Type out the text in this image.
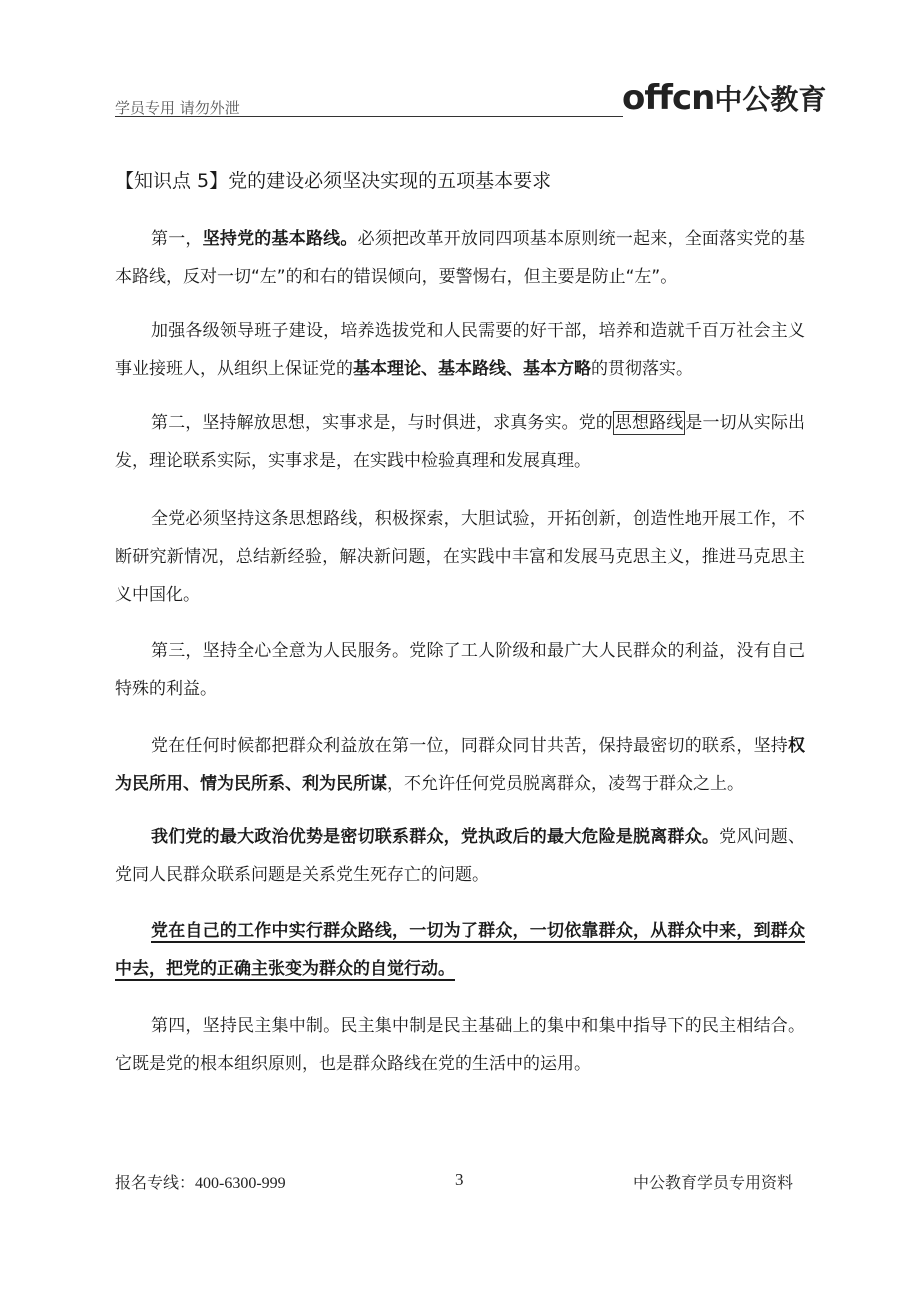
学员专用 请勿外泄	offcn中公教育
【知识点 5】党的建设必须坚决实现的五项基本要求
第一，坚持党的基本路线。必须把改革开放同四项基本原则统一起来，全面落实党的基本路线，反对一切“左”的和右的错误倾向，要警惕右，但主要是防止“左”。
加强各级领导班子建设，培养选拔党和人民需要的好干部，培养和造就千百万社会主义事业接班人，从组织上保证党的基本理论、基本路线、基本方略的贯彻落实。
第二，坚持解放思想，实事求是，与时俱进，求真务实。党的 思想路线 是一切从实际出发，理论联系实际，实事求是，在实践中检验真理和发展真理。
全党必须坚持这条思想路线，积极探索，大胆试验，开拓创新，创造性地开展工作，不断研究新情况，总结新经验，解决新问题，在实践中丰富和发展马克思主义，推进马克思主义中国化。
第三，坚持全心全意为人民服务。党除了工人阶级和最广大人民群众的利益，没有自己特殊的利益。
党在任何时候都把群众利益放在第一位，同群众同甘共苦，保持最密切的联系，坚持权为民所用、情为民所系、利为民所谋，不允许任何党员脱离群众，凌驾于群众之上。
我们党的最大政治优势是密切联系群众，党执政后的最大危险是脱离群众。党风问题、党同人民群众联系问题是关系党生死存亡的问题。
党在自己的工作中实行群众路线，一切为了群众，一切依靠群众，从群众中来，到群众中去，把党的正确主张变为群众的自觉行动。
第四，坚持民主集中制。民主集中制是民主基础上的集中和集中指导下的民主相结合。它既是党的根本组织原则，也是群众路线在党的生活中的运用。
报名专线：400-6300-999	3	中公教育学员专用资料
